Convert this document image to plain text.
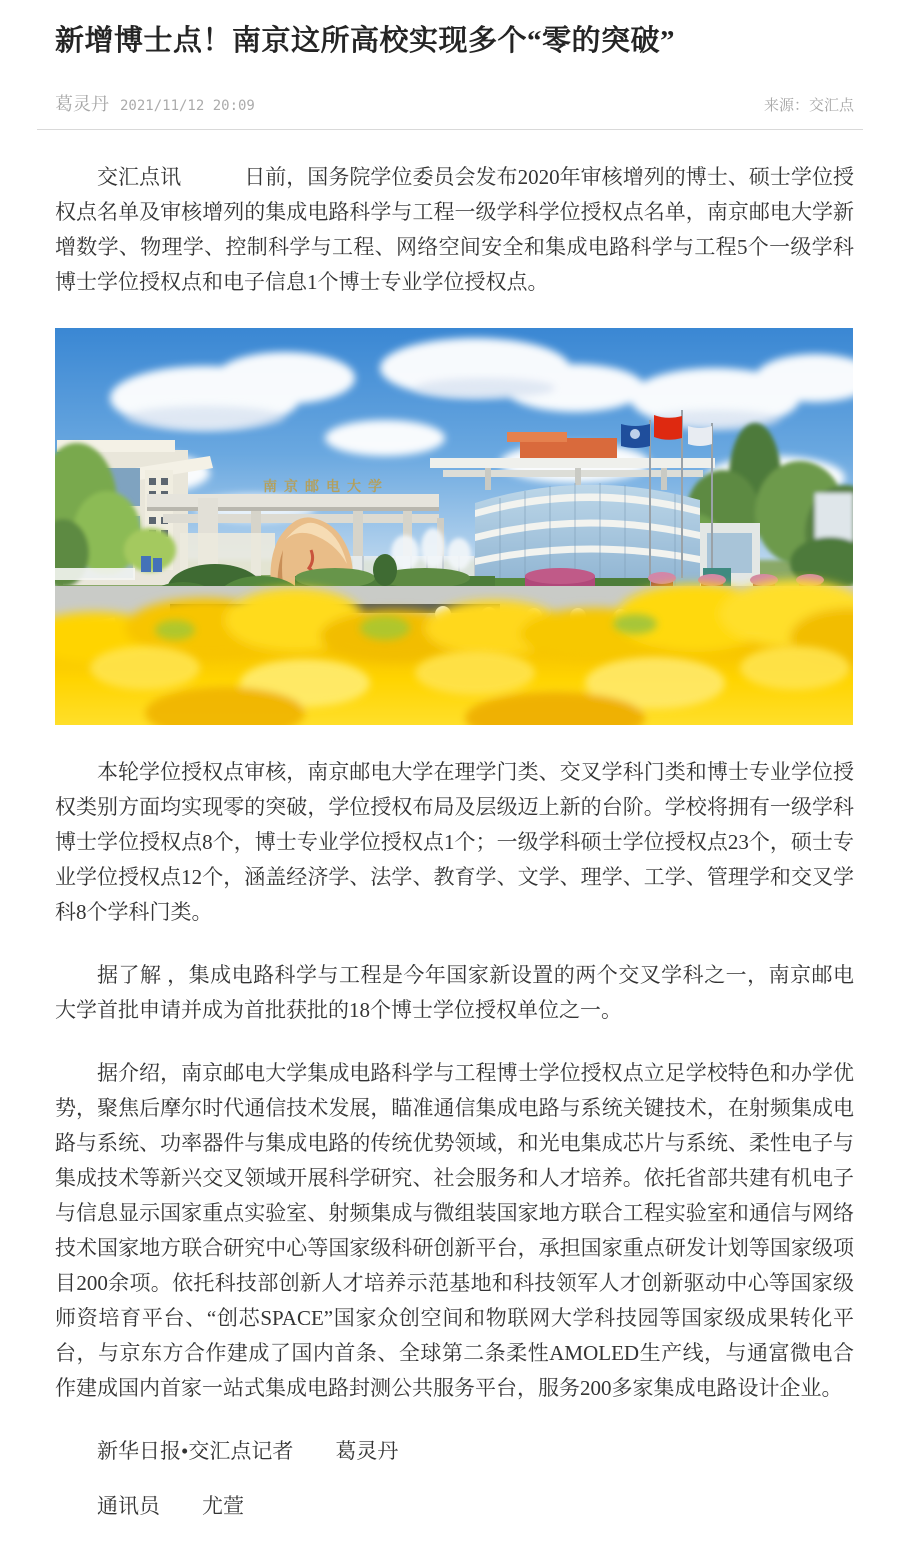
新增博士点！南京这所高校实现多个“零的突破”
葛灵丹 2021/11/12 20:09	来源：交汇点

交汇点讯　　　日前，国务院学位委员会发布2020年审核增列的博士、硕士学位授权点名单及审核增列的集成电路科学与工程一级学科学位授权点名单，南京邮电大学新增数学、物理学、控制科学与工程、网络空间安全和集成电路科学与工程5个一级学科博士学位授权点和电子信息1个博士专业学位授权点。

南京邮电大学

本轮学位授权点审核，南京邮电大学在理学门类、交叉学科门类和博士专业学位授权类别方面均实现零的突破，学位授权布局及层级迈上新的台阶。学校将拥有一级学科博士学位授权点8个，博士专业学位授权点1个；一级学科硕士学位授权点23个，硕士专业学位授权点12个，涵盖经济学、法学、教育学、文学、理学、工学、管理学和交叉学科8个学科门类。

据了解 ，集成电路科学与工程是今年国家新设置的两个交叉学科之一，南京邮电大学首批申请并成为首批获批的18个博士学位授权单位之一。

据介绍，南京邮电大学集成电路科学与工程博士学位授权点立足学校特色和办学优势，聚焦后摩尔时代通信技术发展，瞄准通信集成电路与系统关键技术，在射频集成电路与系统、功率器件与集成电路的传统优势领域，和光电集成芯片与系统、柔性电子与集成技术等新兴交叉领域开展科学研究、社会服务和人才培养。依托省部共建有机电子与信息显示国家重点实验室、射频集成与微组装国家地方联合工程实验室和通信与网络技术国家地方联合研究中心等国家级科研创新平台，承担国家重点研发计划等国家级项目200余项。依托科技部创新人才培养示范基地和科技领军人才创新驱动中心等国家级师资培育平台、“创芯SPACE”国家众创空间和物联网大学科技园等国家级成果转化平台，与京东方合作建成了国内首条、全球第二条柔性AMOLED生产线，与通富微电合作建成国内首家一站式集成电路封测公共服务平台，服务200多家集成电路设计企业。

新华日报•交汇点记者　　葛灵丹

通讯员　　尤萱
